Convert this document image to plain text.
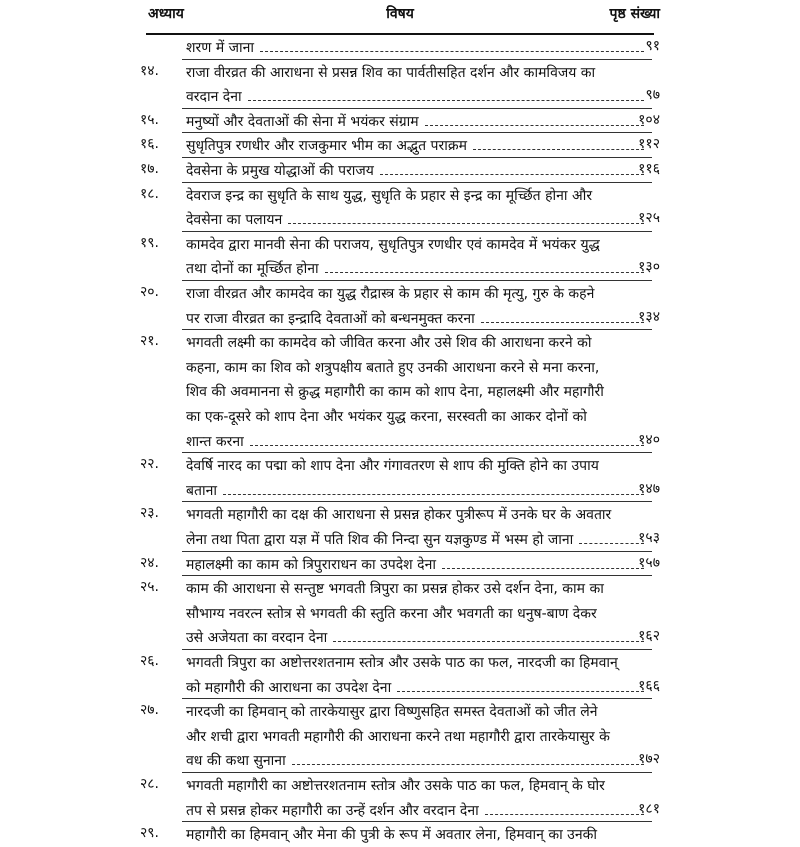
अध्याय	विषय	पृष्ठ संख्या
शरण में जाना	९१
१४.	राजा वीरव्रत की आराधना से प्रसन्न शिव का पार्वतीसहित दर्शन और कामविजय का
वरदान देना	९७
१५.	मनुष्यों और देवताओं की सेना में भयंकर संग्राम	१०४
१६.	सुधृतिपुत्र रणधीर और राजकुमार भीम का अद्भुत पराक्रम	११२
१७.	देवसेना के प्रमुख योद्धाओं की पराजय	११६
१८.	देवराज इन्द्र का सुधृति के साथ युद्ध, सुधृति के प्रहार से इन्द्र का मूर्च्छित होना और
देवसेना का पलायन	१२५
१९.	कामदेव द्वारा मानवी सेना की पराजय, सुधृतिपुत्र रणधीर एवं कामदेव में भयंकर युद्ध
तथा दोनों का मूर्च्छित होना	१३०
२०.	राजा वीरव्रत और कामदेव का युद्ध रौद्रास्त्र के प्रहार से काम की मृत्यु, गुरु के कहने
पर राजा वीरव्रत का इन्द्रादि देवताओं को बन्धनमुक्त करना	१३४
२१.	भगवती लक्ष्मी का कामदेव को जीवित करना और उसे शिव की आराधना करने को
कहना, काम का शिव को शत्रुपक्षीय बताते हुए उनकी आराधना करने से मना करना,
शिव की अवमानना से क्रुद्ध महागौरी का काम को शाप देना, महालक्ष्मी और महागौरी
का एक-दूसरे को शाप देना और भयंकर युद्ध करना, सरस्वती का आकर दोनों को
शान्त करना	१४०
२२.	देवर्षि नारद का पद्मा को शाप देना और गंगावतरण से शाप की मुक्ति होने का उपाय
बताना	१४७
२३.	भगवती महागौरी का दक्ष की आराधना से प्रसन्न होकर पुत्रीरूप में उनके घर के अवतार
लेना तथा पिता द्वारा यज्ञ में पति शिव की निन्दा सुन यज्ञकुण्ड में भस्म हो जाना	१५३
२४.	महालक्ष्मी का काम को त्रिपुराराधन का उपदेश देना	१५७
२५.	काम की आराधना से सन्तुष्ट भगवती त्रिपुरा का प्रसन्न होकर उसे दर्शन देना, काम का
सौभाग्य नवरत्न स्तोत्र से भगवती की स्तुति करना और भवगती का धनुष-बाण देकर
उसे अजेयता का वरदान देना	१६२
२६.	भगवती त्रिपुरा का अष्टोत्तरशतनाम स्तोत्र और उसके पाठ का फल, नारदजी का हिमवान्
को महागौरी की आराधना का उपदेश देना	१६६
२७.	नारदजी का हिमवान् को तारकेयासुर द्वारा विष्णुसहित समस्त देवताओं को जीत लेने
और शची द्वारा भगवती महागौरी की आराधना करने तथा महागौरी द्वारा तारकेयासुर के
वध की कथा सुनाना	१७२
२८.	भगवती महागौरी का अष्टोत्तरशतनाम स्तोत्र और उसके पाठ का फल, हिमवान् के घोर
तप से प्रसन्न होकर महागौरी का उन्हें दर्शन और वरदान देना	१८१
२९.	महागौरी का हिमवान् और मेना की पुत्री के रूप में अवतार लेना, हिमवान् का उनकी
